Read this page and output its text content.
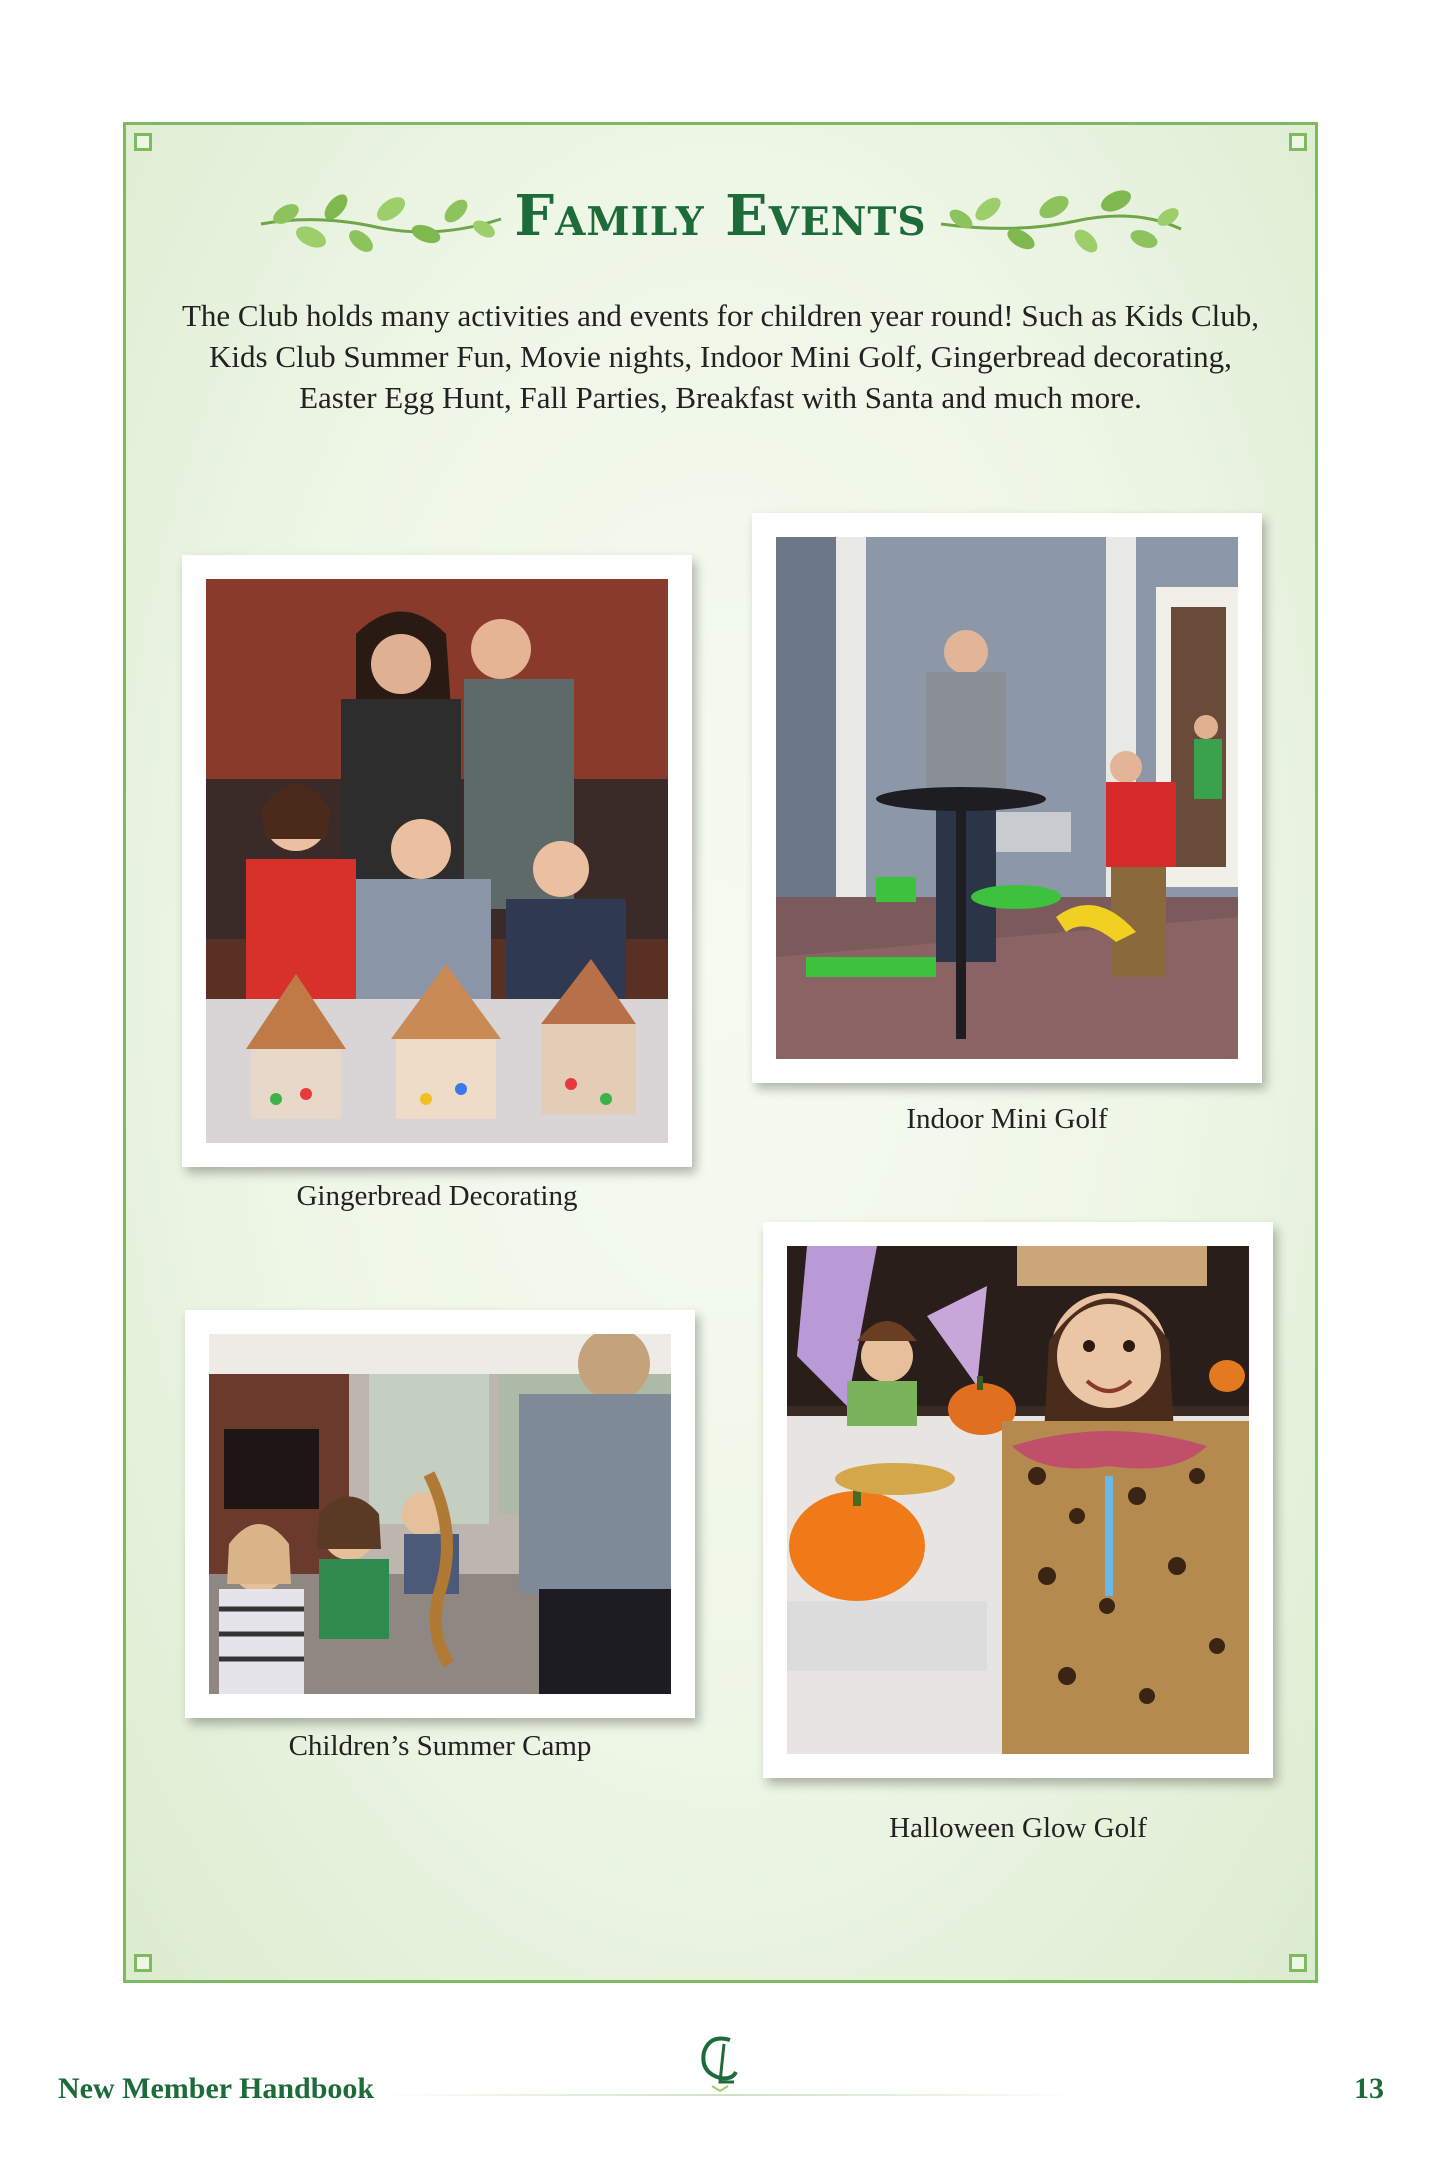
Family Events
The Club holds many activities and events for children year round! Such as Kids Club, Kids Club Summer Fun, Movie nights, Indoor Mini Golf, Gingerbread decorating, Easter Egg Hunt, Fall Parties, Breakfast with Santa and much more.
Gingerbread Decorating
Indoor Mini Golf
Children’s Summer Camp
Halloween Glow Golf
New Member Handbook	13
